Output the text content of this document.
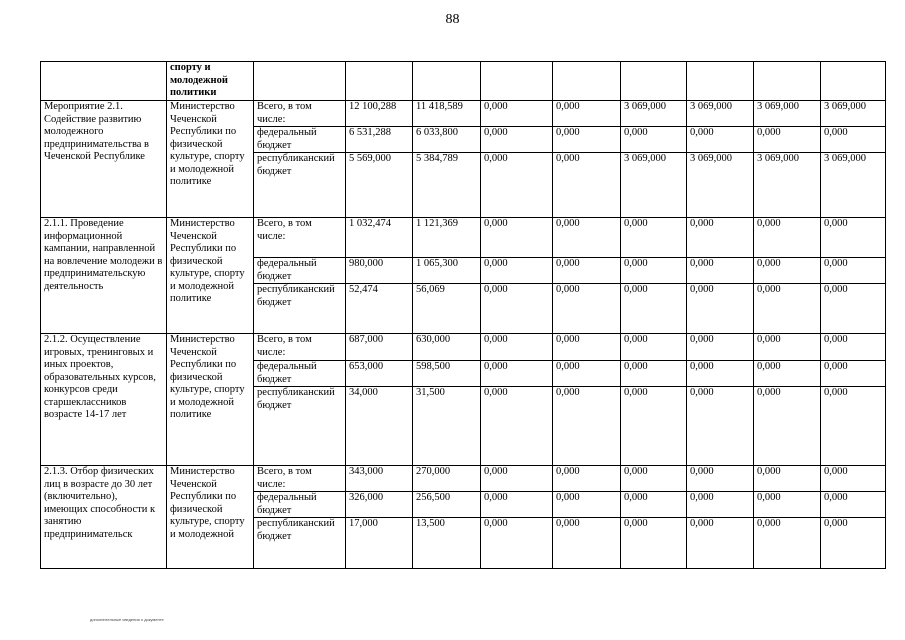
88
	спорту и молодежной политики									
Мероприятие 2.1. Содействие развитию молодежного предпринимательства в Чеченской Республике	Министерство Чеченской Республики по физической культуре, спорту и молодежной политике	Всего, в том числе:	12 100,288	11 418,589	0,000	0,000	3 069,000	3 069,000	3 069,000	3 069,000
		федеральный бюджет	6 531,288	6 033,800	0,000	0,000	0,000	0,000	0,000	0,000
		республиканский бюджет	5 569,000	5 384,789	0,000	0,000	3 069,000	3 069,000	3 069,000	3 069,000
2.1.1. Проведение информационной кампании, направленной на вовлечение молодежи в предпринимательскую деятельность	Министерство Чеченской Республики по физической культуре, спорту и молодежной политике	Всего, в том числе:	1 032,474	1 121,369	0,000	0,000	0,000	0,000	0,000	0,000
		федеральный бюджет	980,000	1 065,300	0,000	0,000	0,000	0,000	0,000	0,000
		республиканский бюджет	52,474	56,069	0,000	0,000	0,000	0,000	0,000	0,000
2.1.2. Осуществление игровых, тренинговых и иных проектов, образовательных курсов, конкурсов среди старшеклассников возрасте 14-17 лет	Министерство Чеченской Республики по физической культуре, спорту и молодежной политике	Всего, в том числе:	687,000	630,000	0,000	0,000	0,000	0,000	0,000	0,000
		федеральный бюджет	653,000	598,500	0,000	0,000	0,000	0,000	0,000	0,000
		республиканский бюджет	34,000	31,500	0,000	0,000	0,000	0,000	0,000	0,000
2.1.3. Отбор физических лиц в возрасте до 30 лет (включительно), имеющих способности к занятию предпринимательск	Министерство Чеченской Республики по физической культуре, спорту и молодежной	Всего, в том числе:	343,000	270,000	0,000	0,000	0,000	0,000	0,000	0,000
		федеральный бюджет	326,000	256,500	0,000	0,000	0,000	0,000	0,000	0,000
		республиканский бюджет	17,000	13,500	0,000	0,000	0,000	0,000	0,000	0,000
дополнительные сведения о документе
